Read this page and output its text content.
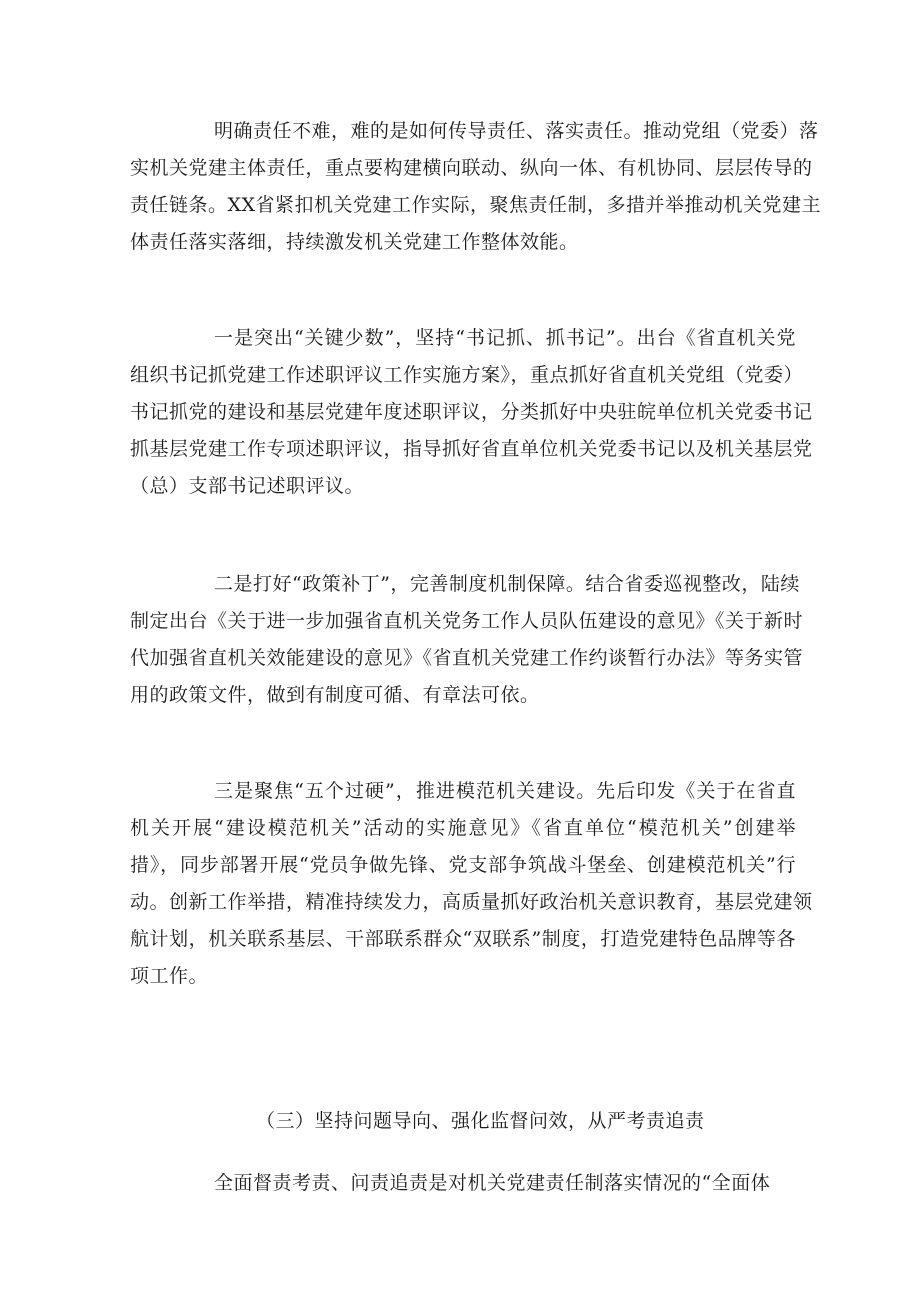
明确责任不难，难的是如何传导责任、落实责任。推动党组（党委）落
实机关党建主体责任，重点要构建横向联动、纵向一体、有机协同、层层传导的
责任链条。XX省紧扣机关党建工作实际，聚焦责任制，多措并举推动机关党建主
体责任落实落细，持续激发机关党建工作整体效能。
一是突出“关键少数”，坚持“书记抓、抓书记”。出台《省直机关党
组织书记抓党建工作述职评议工作实施方案》，重点抓好省直机关党组（党委）
书记抓党的建设和基层党建年度述职评议，分类抓好中央驻皖单位机关党委书记
抓基层党建工作专项述职评议，指导抓好省直单位机关党委书记以及机关基层党
（总）支部书记述职评议。
二是打好“政策补丁”，完善制度机制保障。结合省委巡视整改，陆续
制定出台《关于进一步加强省直机关党务工作人员队伍建设的意见》《关于新时
代加强省直机关效能建设的意见》《省直机关党建工作约谈暂行办法》等务实管
用的政策文件，做到有制度可循、有章法可依。
三是聚焦“五个过硬”，推进模范机关建设。先后印发《关于在省直
机关开展“建设模范机关”活动的实施意见》《省直单位“模范机关”创建举
措》，同步部署开展“党员争做先锋、党支部争筑战斗堡垒、创建模范机关”行
动。创新工作举措，精准持续发力，高质量抓好政治机关意识教育，基层党建领
航计划，机关联系基层、干部联系群众“双联系”制度，打造党建特色品牌等各
项工作。
（三）坚持问题导向、强化监督问效，从严考责追责
全面督责考责、问责追责是对机关党建责任制落实情况的“全面体
